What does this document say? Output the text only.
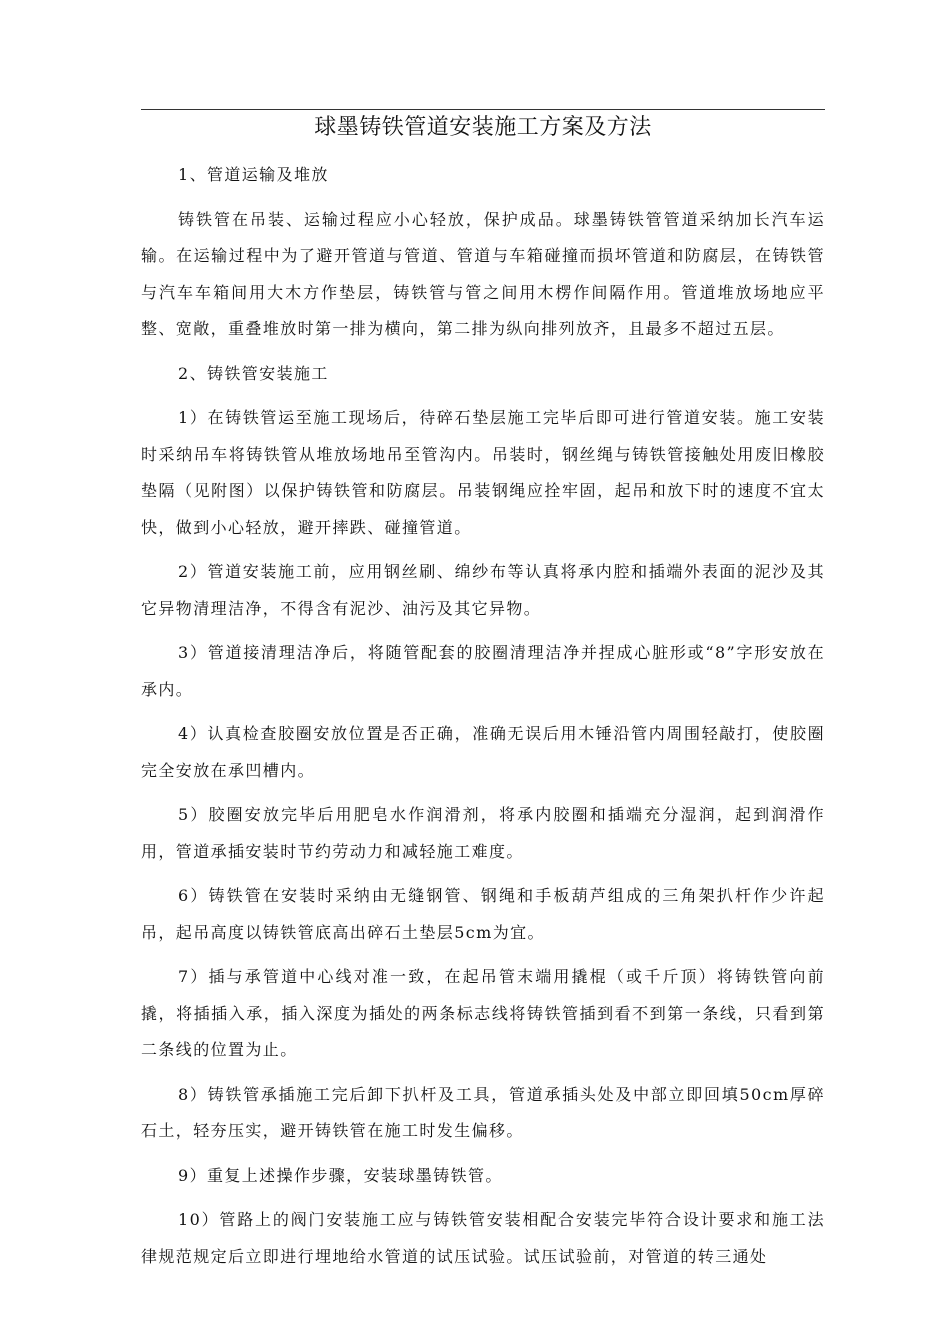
球墨铸铁管道安装施工方案及方法

1、管道运输及堆放

铸铁管在吊装、运输过程应小心轻放，保护成品。球墨铸铁管管道采纳加长汽车运输。在运输过程中为了避开管道与管道、管道与车箱碰撞而损坏管道和防腐层，在铸铁管与汽车车箱间用大木方作垫层，铸铁管与管之间用木楞作间隔作用。管道堆放场地应平整、宽敞，重叠堆放时第一排为横向，第二排为纵向排列放齐，且最多不超过五层。

2、铸铁管安装施工

1）在铸铁管运至施工现场后，待碎石垫层施工完毕后即可进行管道安装。施工安装时采纳吊车将铸铁管从堆放场地吊至管沟内。吊装时，钢丝绳与铸铁管接触处用废旧橡胶垫隔（见附图）以保护铸铁管和防腐层。吊装钢绳应拴牢固，起吊和放下时的速度不宜太快，做到小心轻放，避开摔跌、碰撞管道。

2）管道安装施工前，应用钢丝刷、绵纱布等认真将承内腔和插端外表面的泥沙及其它异物清理洁净，不得含有泥沙、油污及其它异物。

3）管道接清理洁净后，将随管配套的胶圈清理洁净并捏成心脏形或“8”字形安放在承内。

4）认真检查胶圈安放位置是否正确，准确无误后用木锤沿管内周围轻敲打，使胶圈完全安放在承凹槽内。

5）胶圈安放完毕后用肥皂水作润滑剂，将承内胶圈和插端充分湿润，起到润滑作用，管道承插安装时节约劳动力和减轻施工难度。

6）铸铁管在安装时采纳由无缝钢管、钢绳和手板葫芦组成的三角架扒杆作少许起吊，起吊高度以铸铁管底高出碎石土垫层5cm为宜。

7）插与承管道中心线对准一致，在起吊管末端用撬棍（或千斤顶）将铸铁管向前撬，将插插入承，插入深度为插处的两条标志线将铸铁管插到看不到第一条线，只看到第二条线的位置为止。

8）铸铁管承插施工完后卸下扒杆及工具，管道承插头处及中部立即回填50cm厚碎石土，轻夯压实，避开铸铁管在施工时发生偏移。

9）重复上述操作步骤，安装球墨铸铁管。

10）管路上的阀门安装施工应与铸铁管安装相配合安装完毕符合设计要求和施工法律规范规定后立即进行埋地给水管道的试压试验。试压试验前，对管道的转三通处
